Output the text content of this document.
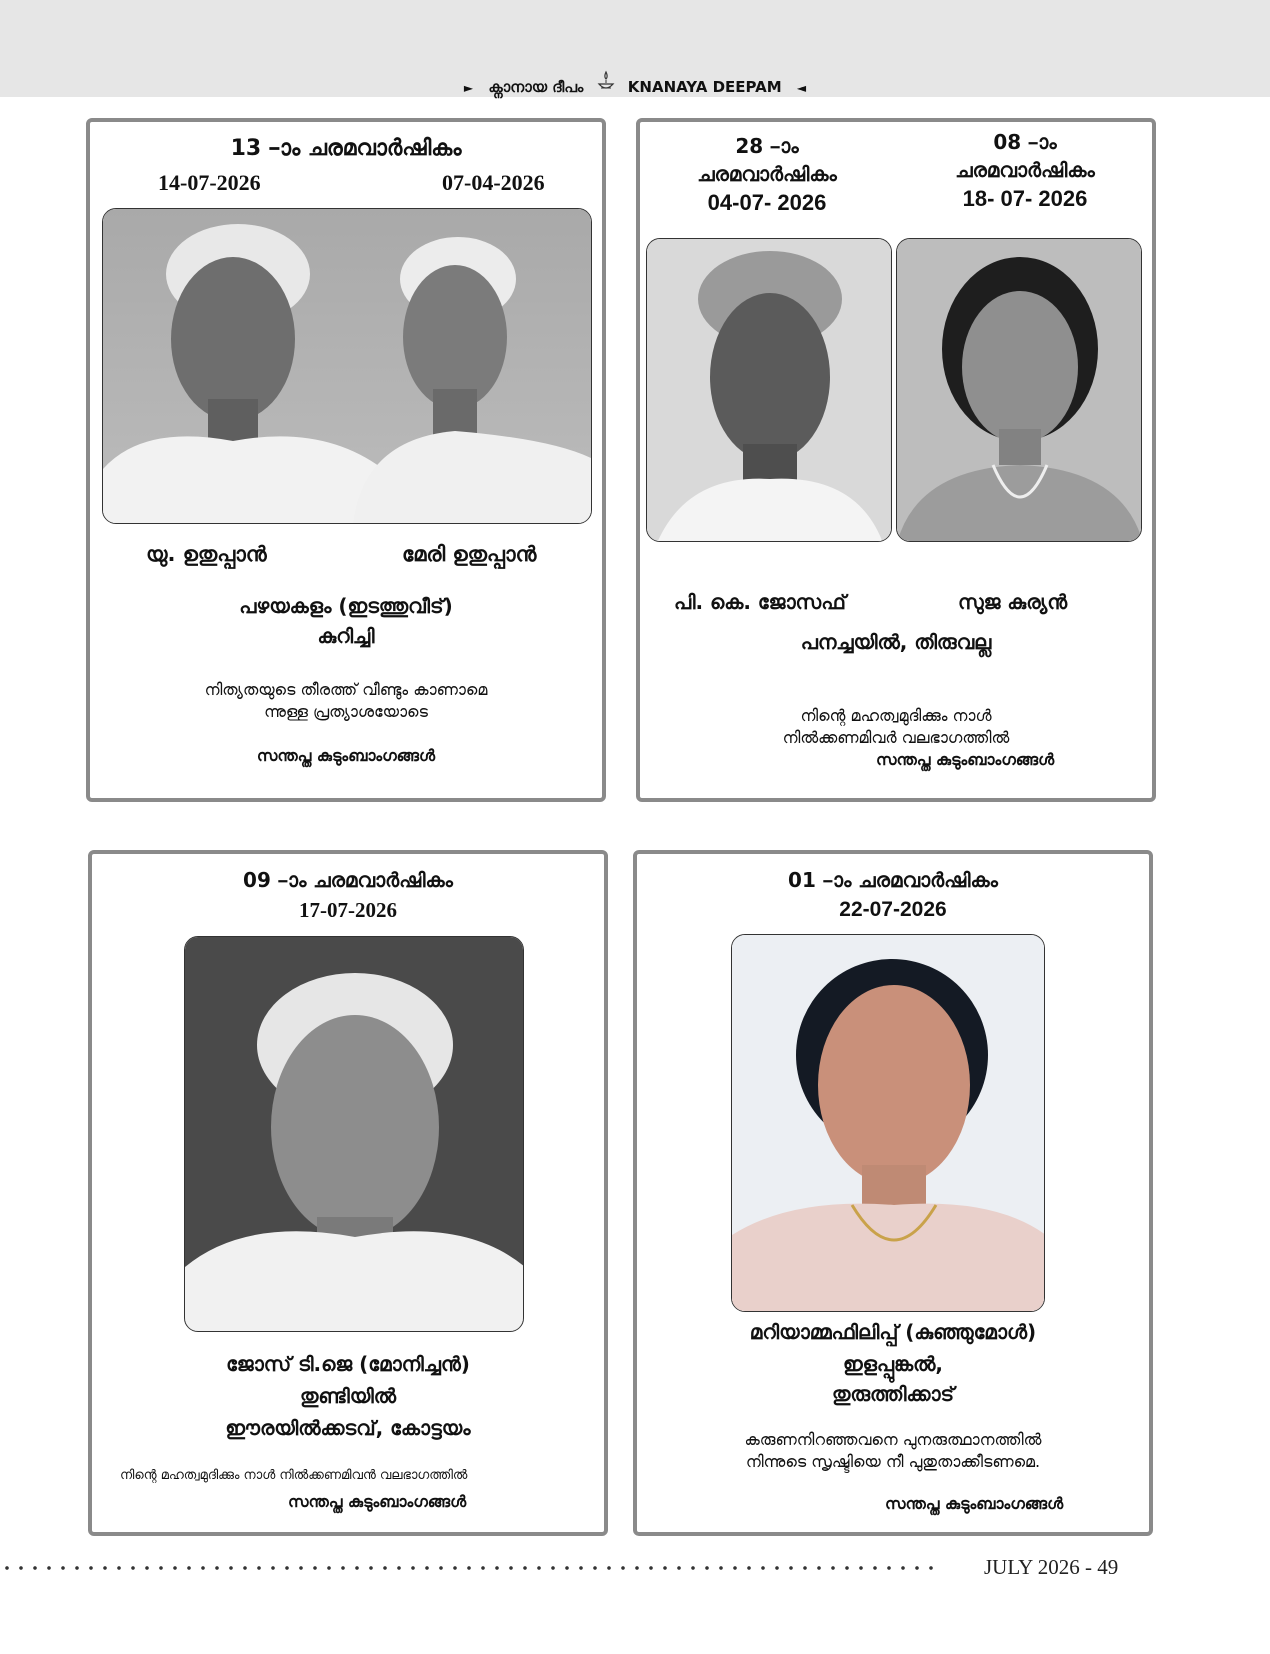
► ക്നാനായ ദീപം	KNANAYA DEEPAM ◄
13 –ാം ചരമവാർഷികം
14-07-2026	07-04-2026
യു. ഉതുപ്പാൻ	മേരി ഉതുപ്പാൻ
പഴയകളം (ഇടത്തുവീട്)
കുറിച്ചി
നിത്യതയുടെ തീരത്ത് വീണ്ടും കാണാമെ
ന്നുള്ള പ്രത്യാശയോടെ
സന്തപ്ത കുടുംബാംഗങ്ങൾ
28 –ാം
ചരമവാർഷികം
04-07- 2026
08 –ാം
ചരമവാർഷികം
18- 07- 2026
പി. കെ. ജോസഫ്	സുജ കുര്യൻ
പനച്ചയിൽ, തിരുവല്ല
നിന്റെ മഹത്വമുദിക്കും നാൾ
നിൽക്കണമിവർ വലഭാഗത്തിൽ
സന്തപ്ത കുടുംബാംഗങ്ങൾ
09 –ാം ചരമവാർഷികം
17-07-2026
ജോസ് ടി.ജെ (മോനിച്ചൻ)
തുണ്ടിയിൽ
ഈരയിൽക്കടവ്, കോട്ടയം
നിന്റെ മഹത്വമുദിക്കും നാൾ നിൽക്കണമിവൻ വലഭാഗത്തിൽ
സന്തപ്ത കുടുംബാംഗങ്ങൾ
01 –ാം ചരമവാർഷികം
22-07-2026
മറിയാമ്മഫിലിപ്പ് (കുഞ്ഞുമോൾ)
ഇളപ്പുങ്കൽ,
തുരുത്തിക്കാട്
കരുണനിറഞ്ഞവനെ പുനരുത്ഥാനത്തിൽ
നിന്നുടെ സൃഷ്ടിയെ നീ പുതുതാക്കീടണമെ.
സന്തപ്ത കുടുംബാംഗങ്ങൾ
JULY 2026 - 49
